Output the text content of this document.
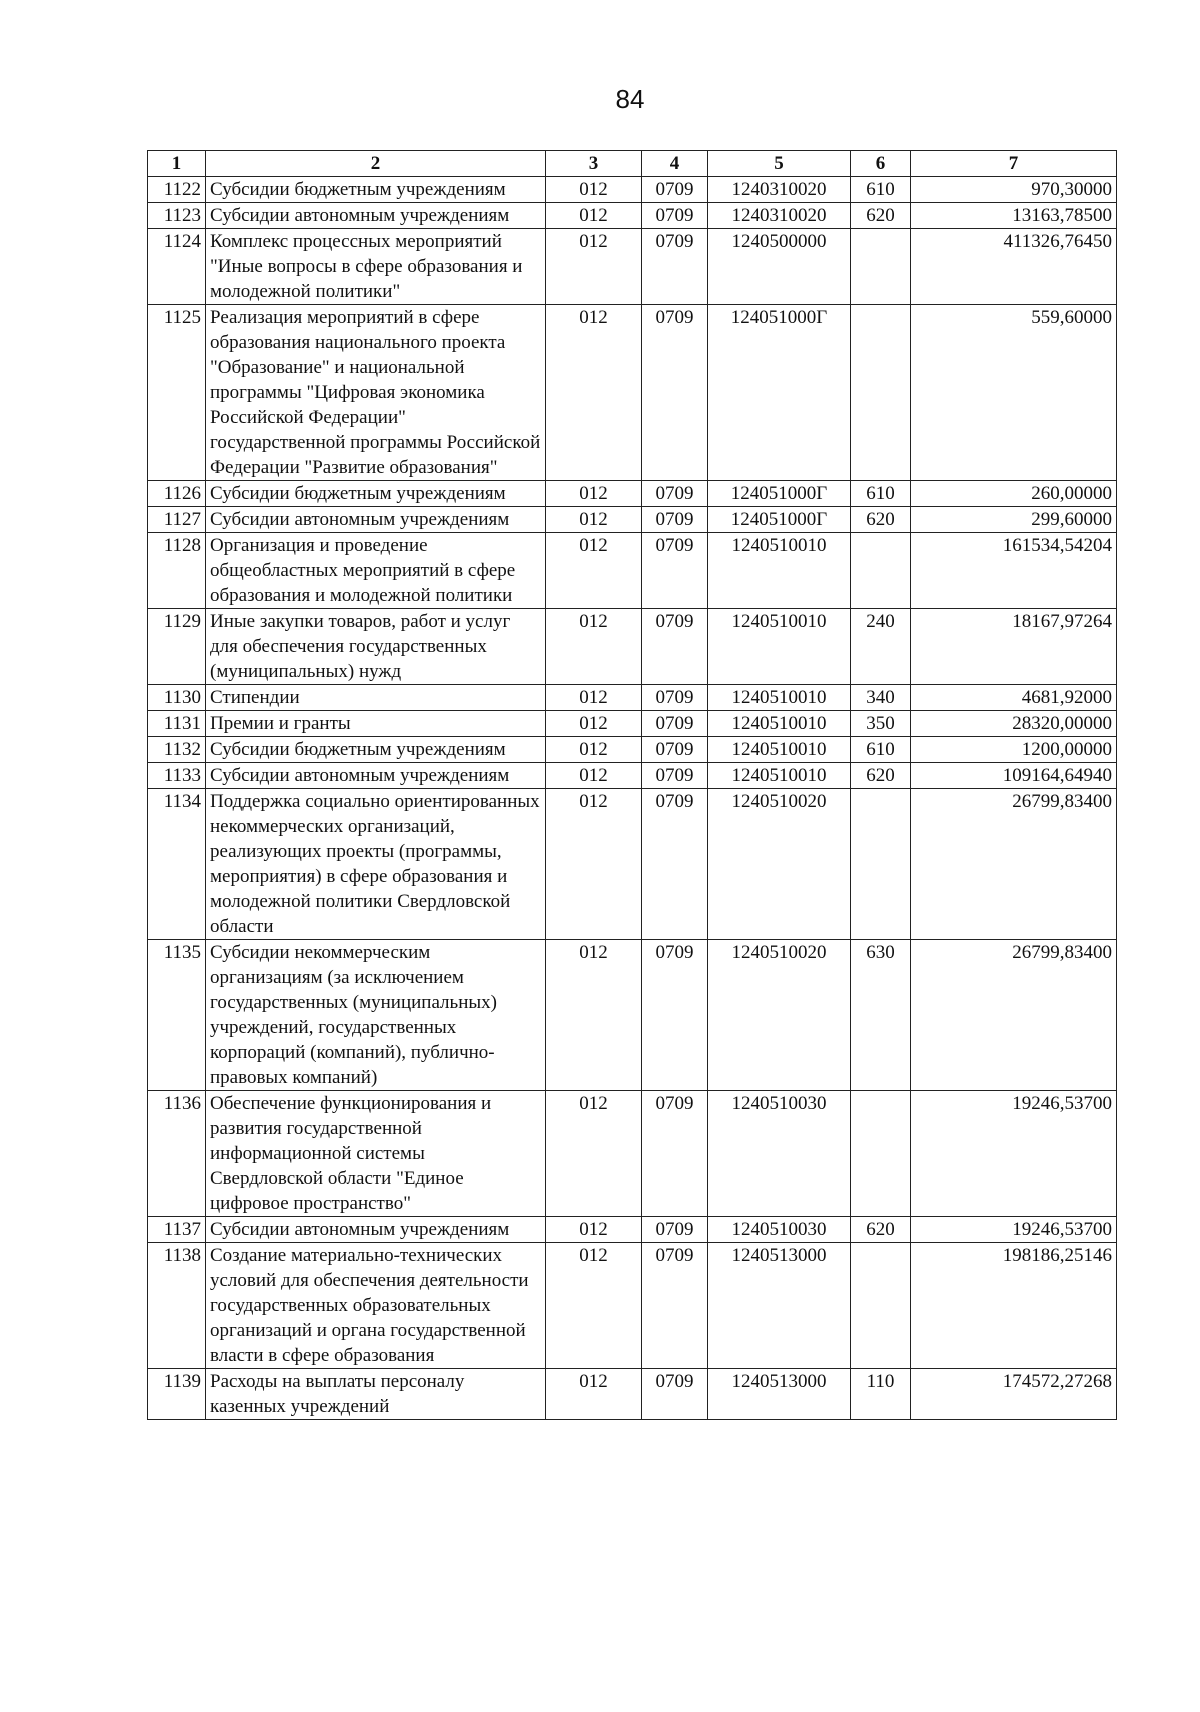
84
1	2	3	4	5	6	7
1122	Субсидии бюджетным учреждениям	012	0709	1240310020	610	970,30000
1123	Субсидии автономным учреждениям	012	0709	1240310020	620	13163,78500
1124	Комплекс процессных мероприятий "Иные вопросы в сфере образования и молодежной политики"	012	0709	1240500000		411326,76450
1125	Реализация мероприятий в сфере образования национального проекта "Образование" и национальной программы "Цифровая экономика Российской Федерации" государственной программы Российской Федерации "Развитие образования"	012	0709	124051000Г		559,60000
1126	Субсидии бюджетным учреждениям	012	0709	124051000Г	610	260,00000
1127	Субсидии автономным учреждениям	012	0709	124051000Г	620	299,60000
1128	Организация и проведение общеобластных мероприятий в сфере образования и молодежной политики	012	0709	1240510010		161534,54204
1129	Иные закупки товаров, работ и услуг для обеспечения государственных (муниципальных) нужд	012	0709	1240510010	240	18167,97264
1130	Стипендии	012	0709	1240510010	340	4681,92000
1131	Премии и гранты	012	0709	1240510010	350	28320,00000
1132	Субсидии бюджетным учреждениям	012	0709	1240510010	610	1200,00000
1133	Субсидии автономным учреждениям	012	0709	1240510010	620	109164,64940
1134	Поддержка социально ориентированных некоммерческих организаций, реализующих проекты (программы, мероприятия) в сфере образования и молодежной политики Свердловской области	012	0709	1240510020		26799,83400
1135	Субсидии некоммерческим организациям (за исключением государственных (муниципальных) учреждений, государственных корпораций (компаний), публично-правовых компаний)	012	0709	1240510020	630	26799,83400
1136	Обеспечение функционирования и развития государственной информационной системы Свердловской области "Единое цифровое пространство"	012	0709	1240510030		19246,53700
1137	Субсидии автономным учреждениям	012	0709	1240510030	620	19246,53700
1138	Создание материально-технических условий для обеспечения деятельности государственных образовательных организаций и органа государственной власти в сфере образования	012	0709	1240513000		198186,25146
1139	Расходы на выплаты персоналу казенных учреждений	012	0709	1240513000	110	174572,27268
